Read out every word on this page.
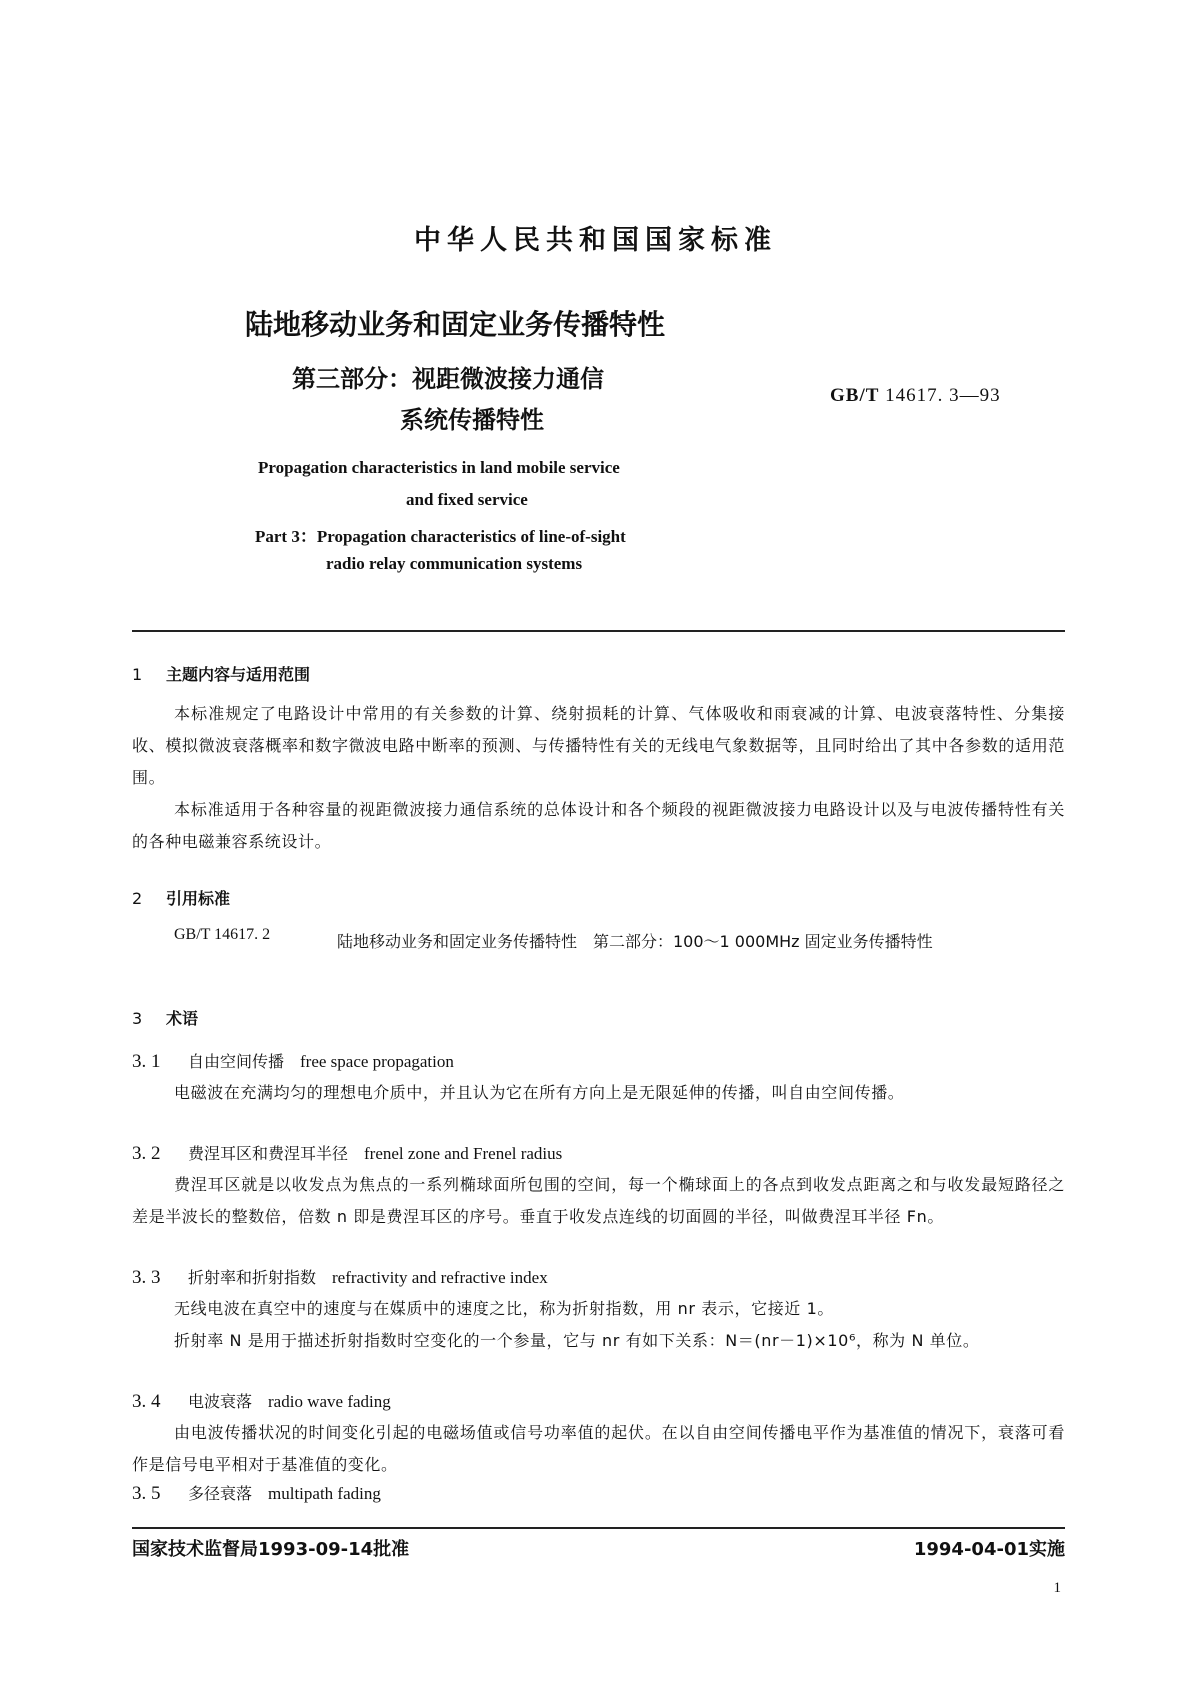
中华人民共和国国家标准
陆地移动业务和固定业务传播特性
第三部分：视距微波接力通信
系统传播特性
GB/T 14617. 3—93
Propagation characteristics in land mobile service
and fixed service
Part 3：Propagation characteristics of line-of-sight
radio relay communication systems
1 主题内容与适用范围
本标准规定了电路设计中常用的有关参数的计算、绕射损耗的计算、气体吸收和雨衰减的计算、电波衰落特性、分集接收、模拟微波衰落概率和数字微波电路中断率的预测、与传播特性有关的无线电气象数据等，且同时给出了其中各参数的适用范围。
本标准适用于各种容量的视距微波接力通信系统的总体设计和各个频段的视距微波接力电路设计以及与电波传播特性有关的各种电磁兼容系统设计。
2 引用标准
GB/T 14617. 2	陆地移动业务和固定业务传播特性　第二部分：100～1 000MHz 固定业务传播特性
3 术语
3. 1 自由空间传播 free space propagation
电磁波在充满均匀的理想电介质中，并且认为它在所有方向上是无限延伸的传播，叫自由空间传播。
3. 2 费涅耳区和费涅耳半径 frenel zone and Frenel radius
费涅耳区就是以收发点为焦点的一系列椭球面所包围的空间，每一个椭球面上的各点到收发点距离之和与收发最短路径之差是半波长的整数倍，倍数 n 即是费涅耳区的序号。垂直于收发点连线的切面圆的半径，叫做费涅耳半径 Fn。
3. 3 折射率和折射指数 refractivity and refractive index
无线电波在真空中的速度与在媒质中的速度之比，称为折射指数，用 nr 表示，它接近 1。
折射率 N 是用于描述折射指数时空变化的一个参量，它与 nr 有如下关系：N＝(nr－1)×10⁶，称为 N 单位。
3. 4 电波衰落 radio wave fading
由电波传播状况的时间变化引起的电磁场值或信号功率值的起伏。在以自由空间传播电平作为基准值的情况下，衰落可看作是信号电平相对于基准值的变化。
3. 5 多径衰落 multipath fading
国家技术监督局1993-09-14批准	1994-04-01实施
1
